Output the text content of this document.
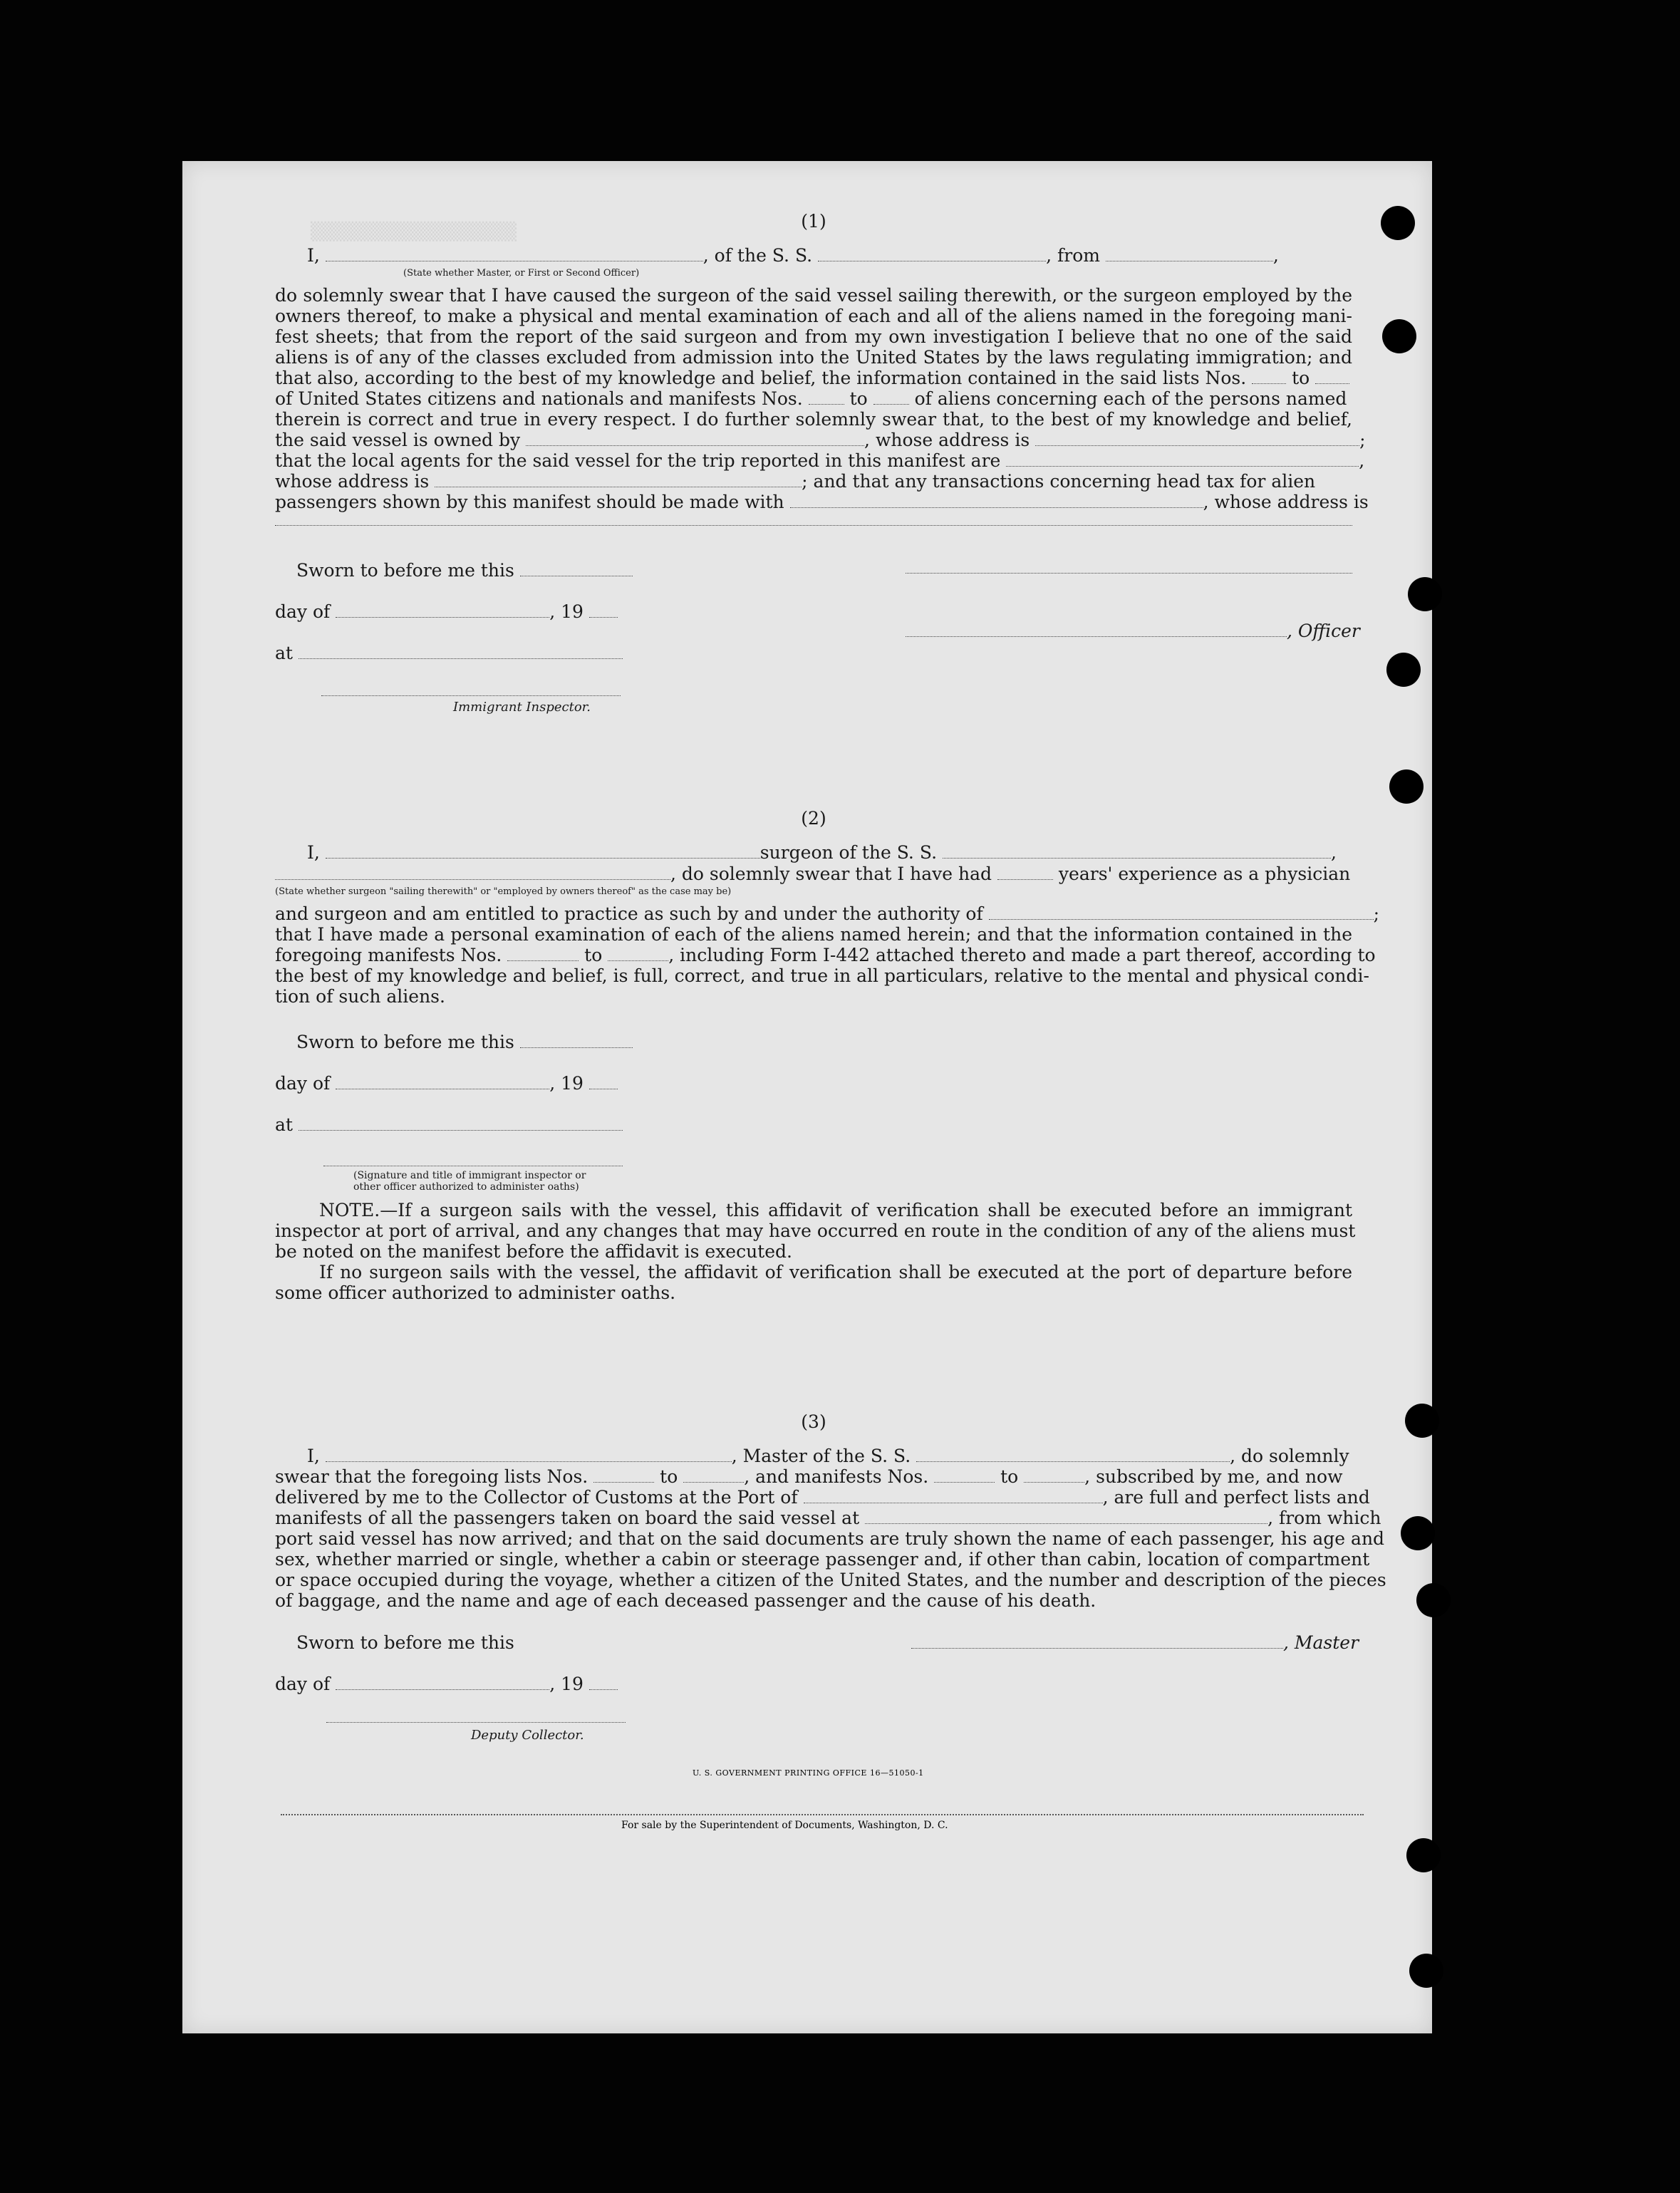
▒▒▒▒▒▒▒▒▒▒▒▒▒▒▒▒▒▒▒▒	(1)
I,	, of the S. S.	, from	,
(State whether Master, or First or Second Officer)
do solemnly swear that I have caused the surgeon of the said vessel sailing therewith, or the surgeon employed by the
owners thereof, to make a physical and mental examination of each and all of the aliens named in the foregoing mani-
fest sheets; that from the report of the said surgeon and from my own investigation I believe that no one of the said
aliens is of any of the classes excluded from admission into the United States by the laws regulating immigration; and
that also, according to the best of my knowledge and belief, the information contained in the said lists Nos.	to
of United States citizens and nationals and manifests Nos.	to	of aliens concerning each of the persons named
therein is correct and true in every respect. I do further solemnly swear that, to the best of my knowledge and belief,
the said vessel is owned by	, whose address is	;
that the local agents for the said vessel for the trip reported in this manifest are	,
whose address is	; and that any transactions concerning head tax for alien
passengers shown by this manifest should be made with	, whose address is
Sworn to before me this
day of	, 19
, Officer
at
Immigrant Inspector.
(2)
I,	surgeon of the S. S.	,
, do solemnly swear that I have had	years' experience as a physician
(State whether surgeon "sailing therewith" or "employed by owners thereof" as the case may be)
and surgeon and am entitled to practice as such by and under the authority of	;
that I have made a personal examination of each of the aliens named herein; and that the information contained in the
foregoing manifests Nos.	to	, including Form I-442 attached thereto and made a part thereof, according to
the best of my knowledge and belief, is full, correct, and true in all particulars, relative to the mental and physical condi-
tion of such aliens.
Sworn to before me this
day of	, 19
at
(Signature and title of immigrant inspector or
other officer authorized to administer oaths)
NOTE.—If a surgeon sails with the vessel, this affidavit of verification shall be executed before an immigrant
inspector at port of arrival, and any changes that may have occurred en route in the condition of any of the aliens must
be noted on the manifest before the affidavit is executed.
If no surgeon sails with the vessel, the affidavit of verification shall be executed at the port of departure before
some officer authorized to administer oaths.
(3)
I,	, Master of the S. S.	, do solemnly
swear that the foregoing lists Nos.	to	, and manifests Nos.	to	, subscribed by me, and now
delivered by me to the Collector of Customs at the Port of	, are full and perfect lists and
manifests of all the passengers taken on board the said vessel at	, from which
port said vessel has now arrived; and that on the said documents are truly shown the name of each passenger, his age and
sex, whether married or single, whether a cabin or steerage passenger and, if other than cabin, location of compartment
or space occupied during the voyage, whether a citizen of the United States, and the number and description of the pieces
of baggage, and the name and age of each deceased passenger and the cause of his death.
Sworn to before me this	, Master
day of	, 19
Deputy Collector.
U. S. GOVERNMENT PRINTING OFFICE 16—51050-1
For sale by the Superintendent of Documents, Washington, D. C.
